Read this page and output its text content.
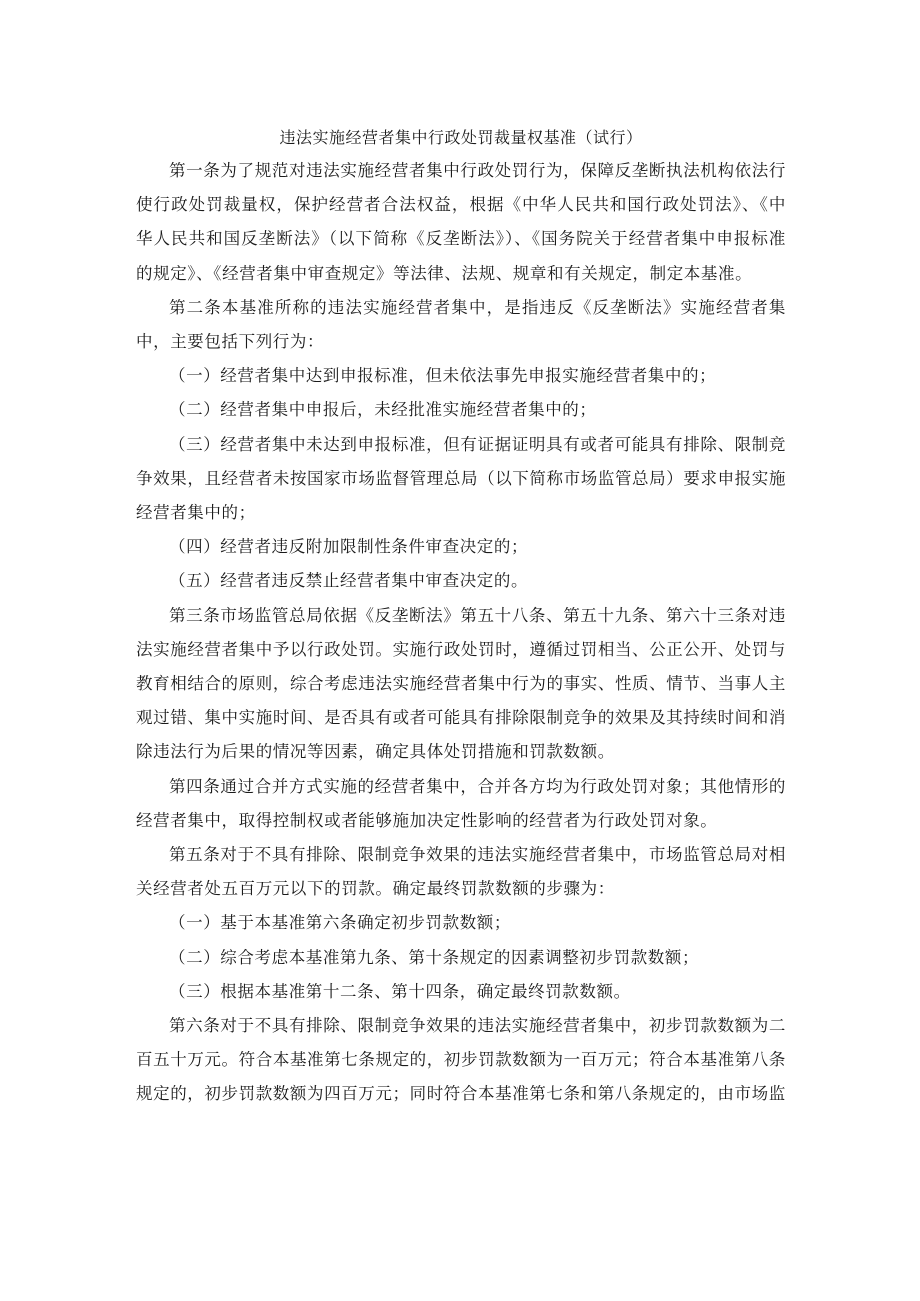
违法实施经营者集中行政处罚裁量权基准（试行）

第一条为了规范对违法实施经营者集中行政处罚行为，保障反垄断执法机构依法行使行政处罚裁量权，保护经营者合法权益，根据《中华人民共和国行政处罚法》、《中华人民共和国反垄断法》（以下简称《反垄断法》）、《国务院关于经营者集中申报标准的规定》、《经营者集中审查规定》等法律、法规、规章和有关规定，制定本基准。

第二条本基准所称的违法实施经营者集中，是指违反《反垄断法》实施经营者集中，主要包括下列行为：

（一）经营者集中达到申报标准，但未依法事先申报实施经营者集中的；

（二）经营者集中申报后，未经批准实施经营者集中的；

（三）经营者集中未达到申报标准，但有证据证明具有或者可能具有排除、限制竞争效果，且经营者未按国家市场监督管理总局（以下简称市场监管总局）要求申报实施经营者集中的；

（四）经营者违反附加限制性条件审查决定的；

（五）经营者违反禁止经营者集中审查决定的。

第三条市场监管总局依据《反垄断法》第五十八条、第五十九条、第六十三条对违法实施经营者集中予以行政处罚。实施行政处罚时，遵循过罚相当、公正公开、处罚与教育相结合的原则，综合考虑违法实施经营者集中行为的事实、性质、情节、当事人主观过错、集中实施时间、是否具有或者可能具有排除限制竞争的效果及其持续时间和消除违法行为后果的情况等因素，确定具体处罚措施和罚款数额。

第四条通过合并方式实施的经营者集中，合并各方均为行政处罚对象；其他情形的经营者集中，取得控制权或者能够施加决定性影响的经营者为行政处罚对象。

第五条对于不具有排除、限制竞争效果的违法实施经营者集中，市场监管总局对相关经营者处五百万元以下的罚款。确定最终罚款数额的步骤为：

（一）基于本基准第六条确定初步罚款数额；

（二）综合考虑本基准第九条、第十条规定的因素调整初步罚款数额；

（三）根据本基准第十二条、第十四条，确定最终罚款数额。

第六条对于不具有排除、限制竞争效果的违法实施经营者集中，初步罚款数额为二百五十万元。符合本基准第七条规定的，初步罚款数额为一百万元；符合本基准第八条规定的，初步罚款数额为四百万元；同时符合本基准第七条和第八条规定的，由市场监
